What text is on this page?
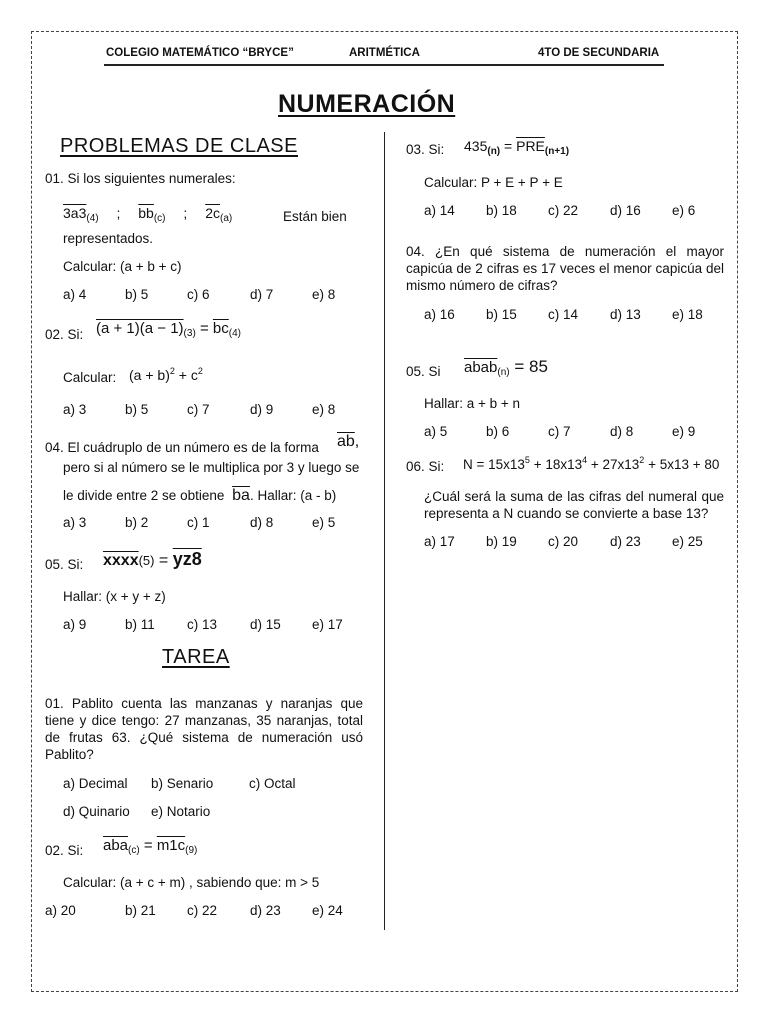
COLEGIO MATEMÁTICO “BRYCE”	ARITMÉTICA	4TO DE SECUNDARIA
NUMERACIÓN
PROBLEMAS DE CLASE
01. Si los siguientes numerales:
$3a3_{(4)}$ ; $\overline{bb}_{(c)}$ ; $2c_{(a)}$	Están bien
representados.
Calcular: (a + b + c)
a) 4	b) 5	c) 6	d) 7	e) 8
02. Si: $(a + 1)(a - 1)_{(3)} = \overline{bc}_{(4)}$
Calcular: $(a + b)^2 + c^2$
a) 3	b) 5	c) 7	d) 9	e) 8
04. El cuádruplo de un número es de la forma $\overline{ab}$,
pero si al número se le multiplica por 3 y luego se
le divide entre 2 se obtiene $\overline{ba}$. Hallar: (a - b)
a) 3	b) 2	c) 1	d) 8	e) 5
05. Si: xxxx(5) = yz8
Hallar: (x + y + z)
a) 9	b) 11 c) 13 d) 15 e) 17
TAREA
01. Pablito cuenta las manzanas y naranjas que tiene y dice tengo: 27 manzanas, 35 naranjas, total de frutas 63. ¿Qué sistema de numeración usó Pablito?
a) Decimal b) Senario	c) Octal
d) Quinario e) Notario
02. Si: $\overline{aba}_{(c)} = m1c_{(9)}$
Calcular: (a + c + m) , sabiendo que: m > 5
a) 20	b) 21 c) 22 d) 23 e) 24
03. Si: $435_{(n)} = \overline{PRE}_{(n+1)}$
Calcular: P + E + P + E
a) 14 b) 18 c) 22 d) 16 e) 6
04. ¿En qué sistema de numeración el mayor capicúa de 2 cifras es 17 veces el menor capicúa del mismo número de cifras?
a) 16 b) 15 c) 14 d) 13 e) 18
05. Si abab$_{(n)}$ = 85
Hallar: a + b + n
a) 5	b) 6	c) 7	d) 8	e) 9
06. Si: $N = 15x13^5 + 18x13^4 + 27x13^2 + 5x13 + 80$
¿Cuál será la suma de las cifras del numeral que representa a N cuando se convierte a base 13?
a) 17 b) 19 c) 20 d) 23 e) 25
